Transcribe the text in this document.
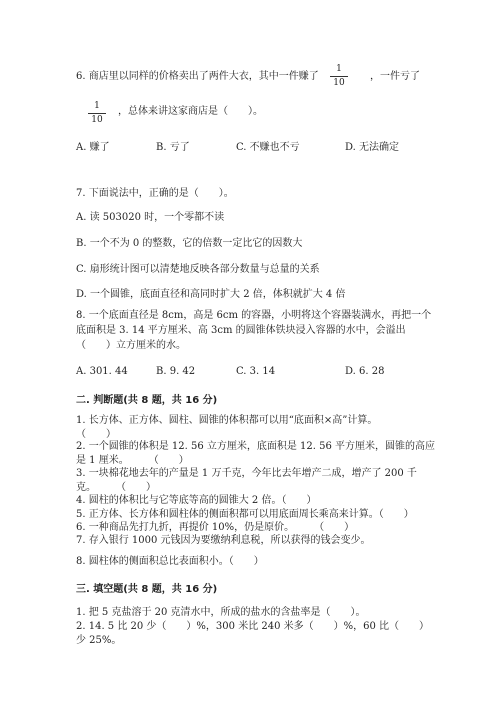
6. 商店里以同样的价格卖出了两件大衣，其中一件赚了 $\frac{1}{10}$ ，一件亏了
$\frac{1}{10}$ ，总体来讲这家商店是（　　）。
A. 赚了	B. 亏了	C. 不赚也不亏	D. 无法确定
7. 下面说法中，正确的是（　　）。
A. 读 503020 时，一个零都不读
B. 一个不为 0 的整数，它的倍数一定比它的因数大
C. 扇形统计图可以清楚地反映各部分数量与总量的关系
D. 一个圆锥，底面直径和高同时扩大 2 倍，体积就扩大 4 倍
8. 一个底面直径是 8cm，高是 6cm 的容器，小明将这个容器装满水，再把一个
底面积是 3. 14 平方厘米、高 3cm 的圆锥体铁块浸入容器的水中，会溢出
（　　）立方厘米的水。
A. 301. 44	B. 9. 42	C. 3. 14	D. 6. 28
二. 判断题(共 8 题，共 16 分)
1. 长方体、正方体、圆柱、圆锥的体积都可以用“底面积×高”计算。
（　　）
2. 一个圆锥的体积是 12. 56 立方厘米，底面积是 12. 56 平方厘米，圆锥的高应
是 1 厘米。　　　（　　）
3. 一块棉花地去年的产量是 1 万千克，今年比去年增产二成，增产了 200 千
克。　　　（　　）
4. 圆柱的体积比与它等底等高的圆锥大 2 倍。（　　）
5. 正方体、长方体和圆柱体的侧面积都可以用底面周长乘高来计算。（　　）
6. 一种商品先打九折，再提价 10%，仍是原价。　　　（　　）
7. 存入银行 1000 元钱因为要缴纳利息税，所以获得的钱会变少。
8. 圆柱体的侧面积总比表面积小。（　　）
三. 填空题(共 8 题，共 16 分)
1. 把 5 克盐溶于 20 克清水中，所成的盐水的含盐率是（　　）。
2. 14. 5 比 20 少（　　）%，300 米比 240 米多（　　）%，60 比（　　）
少 25%。
